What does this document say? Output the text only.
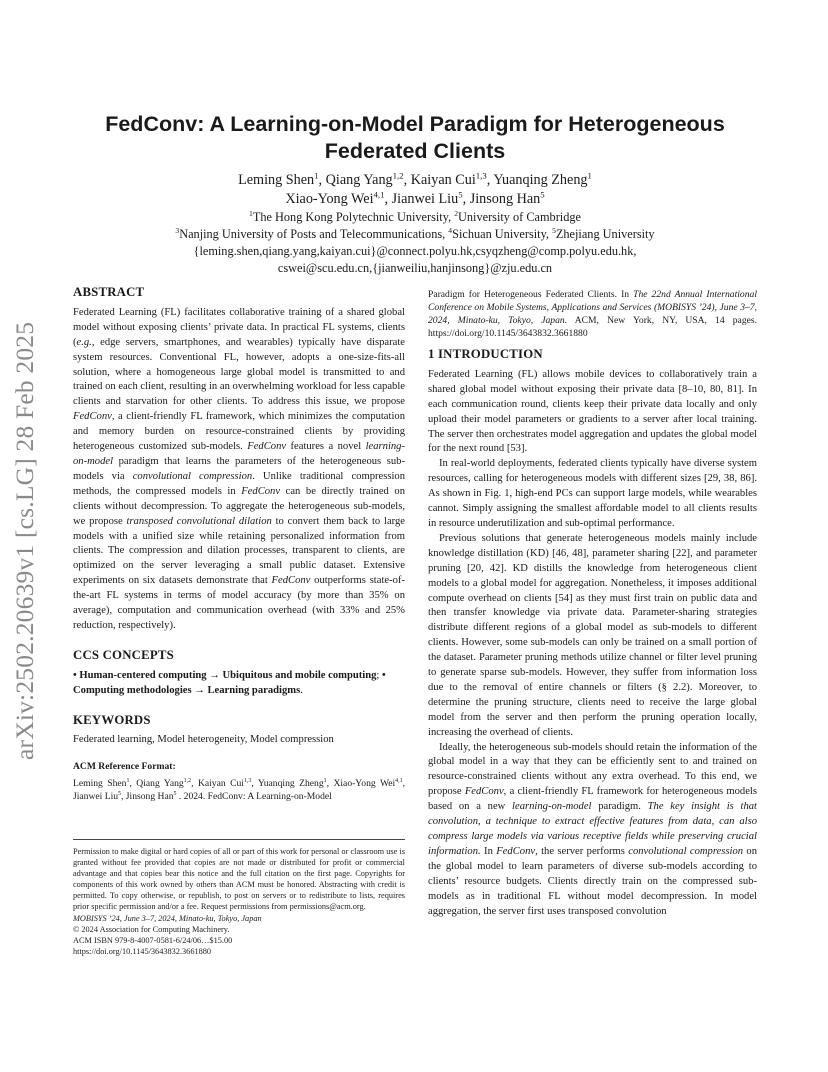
arXiv:2502.20639v1 [cs.LG] 28 Feb 2025
FedConv: A Learning-on-Model Paradigm for Heterogeneous
Federated Clients
Leming Shen$^1$, Qiang Yang$^{1,2}$, Kaiyan Cui$^{1,3}$, Yuanqing Zheng$^1$
Xiao-Yong Wei$^{4,1}$, Jianwei Liu$^5$, Jinsong Han$^5$
$^1$The Hong Kong Polytechnic University, $^2$University of Cambridge
$^3$Nanjing University of Posts and Telecommunications, $^4$Sichuan University, $^5$Zhejiang University
{leming.shen,qiang.yang,kaiyan.cui}@connect.polyu.hk,csyqzheng@comp.polyu.edu.hk,
cswei@scu.edu.cn,{jianweiliu,hanjinsong}@zju.edu.cn
ABSTRACT

Federated Learning (FL) facilitates collaborative training of a shared global model without exposing clients’ private data. In practical FL systems, clients (e.g., edge servers, smartphones, and wearables) typically have disparate system resources. Conventional FL, however, adopts a one-size-fits-all solution, where a homogeneous large global model is transmitted to and trained on each client, resulting in an overwhelming workload for less capable clients and starvation for other clients. To address this issue, we propose FedConv, a client-friendly FL framework, which minimizes the computation and memory burden on resource-constrained clients by providing heterogeneous customized sub-models. FedConv features a novel learning-on-model paradigm that learns the parameters of the heterogeneous sub-models via convolutional compression. Unlike traditional compression methods, the compressed models in FedConv can be directly trained on clients without decompression. To aggregate the heterogeneous sub-models, we propose transposed convolutional dilation to convert them back to large models with a unified size while retaining personalized information from clients. The compression and dilation processes, transparent to clients, are optimized on the server leveraging a small public dataset. Extensive experiments on six datasets demonstrate that FedConv outperforms state-of-the-art FL systems in terms of model accuracy (by more than 35% on average), computation and communication overhead (with 33% and 25% reduction, respectively).

CCS CONCEPTS

• Human-centered computing → Ubiquitous and mobile computing; • Computing methodologies → Learning paradigms.

KEYWORDS

Federated learning, Model heterogeneity, Model compression

ACM Reference Format:

Leming Shen$^1$, Qiang Yang$^{1,2}$, Kaiyan Cui$^{1,3}$, Yuanqing Zheng$^1$, Xiao-Yong Wei$^{4,1}$, Jianwei Liu$^5$, Jinsong Han$^5$ . 2024. FedConv: A Learning-on-Model

Permission to make digital or hard copies of all or part of this work for personal or classroom use is granted without fee provided that copies are not made or distributed for profit or commercial advantage and that copies bear this notice and the full citation on the first page. Copyrights for components of this work owned by others than ACM must be honored. Abstracting with credit is permitted. To copy otherwise, or republish, to post on servers or to redistribute to lists, requires prior specific permission and/or a fee. Request permissions from permissions@acm.org.

MOBISYS ’24, June 3–7, 2024, Minato-ku, Tokyo, Japan

© 2024 Association for Computing Machinery.

ACM ISBN 979-8-4007-0581-6/24/06…$15.00

https://doi.org/10.1145/3643832.3661880

Paradigm for Heterogeneous Federated Clients. In The 22nd Annual International Conference on Mobile Systems, Applications and Services (MOBISYS ’24), June 3–7, 2024, Minato-ku, Tokyo, Japan. ACM, New York, NY, USA, 14 pages. https://doi.org/10.1145/3643832.3661880

1 INTRODUCTION

Federated Learning (FL) allows mobile devices to collaboratively train a shared global model without exposing their private data [8–10, 80, 81]. In each communication round, clients keep their private data locally and only upload their model parameters or gradients to a server after local training. The server then orchestrates model aggregation and updates the global model for the next round [53].

In real-world deployments, federated clients typically have diverse system resources, calling for heterogeneous models with different sizes [29, 38, 86]. As shown in Fig. 1, high-end PCs can support large models, while wearables cannot. Simply assigning the smallest affordable model to all clients results in resource underutilization and sub-optimal performance.

Previous solutions that generate heterogeneous models mainly include knowledge distillation (KD) [46, 48], parameter sharing [22], and parameter pruning [20, 42]. KD distills the knowledge from heterogeneous client models to a global model for aggregation. Nonetheless, it imposes additional compute overhead on clients [54] as they must first train on public data and then transfer knowledge via private data. Parameter-sharing strategies distribute different regions of a global model as sub-models to different clients. However, some sub-models can only be trained on a small portion of the dataset. Parameter pruning methods utilize channel or filter level pruning to generate sparse sub-models. However, they suffer from information loss due to the removal of entire channels or filters (§ 2.2). Moreover, to determine the pruning structure, clients need to receive the large global model from the server and then perform the pruning operation locally, increasing the overhead of clients.

Ideally, the heterogeneous sub-models should retain the information of the global model in a way that they can be efficiently sent to and trained on resource-constrained clients without any extra overhead. To this end, we propose FedConv, a client-friendly FL framework for heterogeneous models based on a new learning-on-model paradigm. The key insight is that convolution, a technique to extract effective features from data, can also compress large models via various receptive fields while preserving crucial information. In FedConv, the server performs convolutional compression on the global model to learn parameters of diverse sub-models according to clients’ resource budgets. Clients directly train on the compressed sub-models as in traditional FL without model decompression. In model aggregation, the server first uses transposed convolution
